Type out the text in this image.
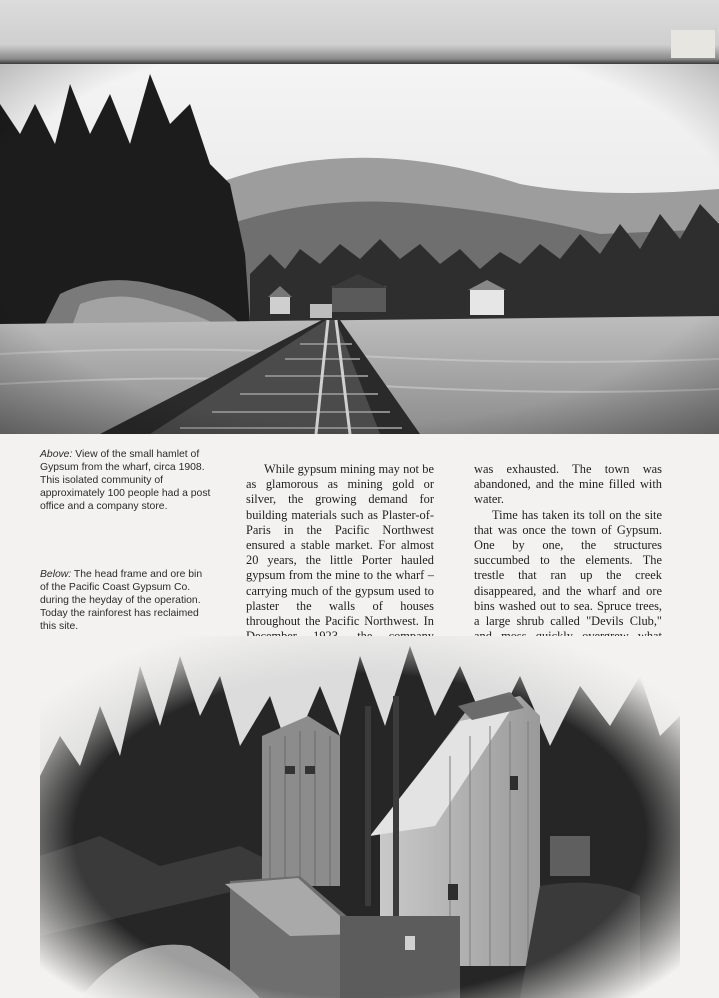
Above: View of the small hamlet of Gypsum from the wharf, circa 1908. This isolated community of approximately 100 people had a post office and a company store.
Below: The head frame and ore bin of the Pacific Coast Gypsum Co. during the heyday of the operation. Today the rainforest has reclaimed this site.

While gypsum mining may not be as glamorous as mining gold or silver, the growing demand for building materials such as Plaster-of-Paris in the Pacific Northwest ensured a stable market. For almost 20 years, the little Porter hauled gypsum from the mine to the wharf – carrying much of the gypsum used to plaster the walls of houses throughout the Pacific Northwest. In

was exhausted. The town was abandoned, and the mine filled with water.

Time has taken its toll on the site that was once the town of Gypsum. One by one, the structures succumbed to the elements. The trestle that ran up the creek disappeared, and the wharf and ore bins washed out to sea. Spruce trees, a large shrub called "Devils Club,"
